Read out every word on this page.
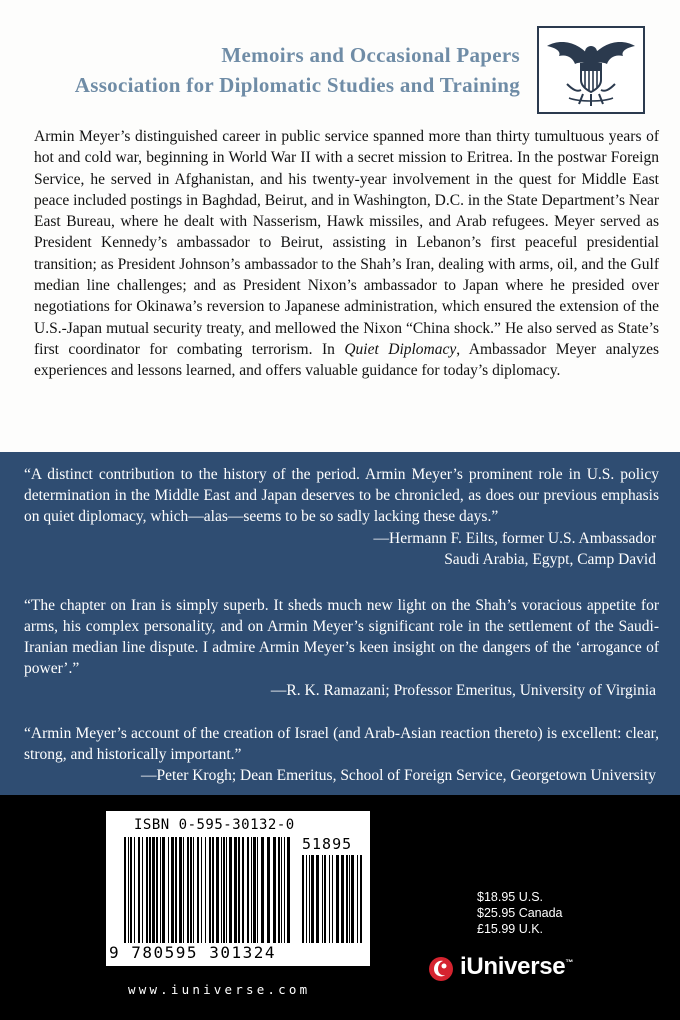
Memoirs and Occasional Papers
Association for Diplomatic Studies and Training

Armin Meyer’s distinguished career in public service spanned more than thirty tumultuous years of hot and cold war, beginning in World War II with a secret mission to Eritrea. In the postwar Foreign Service, he served in Afghanistan, and his twenty-year involvement in the quest for Middle East peace included postings in Baghdad, Beirut, and in Washington, D.C. in the State Department’s Near East Bureau, where he dealt with Nasserism, Hawk missiles, and Arab refugees. Meyer served as President Kennedy’s ambassador to Beirut, assisting in Lebanon’s first peaceful presidential transition; as President Johnson’s ambassador to the Shah’s Iran, dealing with arms, oil, and the Gulf median line challenges; and as President Nixon’s ambassador to Japan where he presided over negotiations for Okinawa’s reversion to Japanese administration, which ensured the extension of the U.S.-Japan mutual security treaty, and mellowed the Nixon “China shock.” He also served as State’s first coordinator for combating terrorism. In Quiet Diplomacy, Ambassador Meyer analyzes experiences and lessons learned, and offers valuable guidance for today’s diplomacy.

“A distinct contribution to the history of the period. Armin Meyer’s prominent role in U.S. policy determination in the Middle East and Japan deserves to be chronicled, as does our previous emphasis on quiet diplomacy, which—alas—seems to be so sadly lacking these days.”

—Hermann F. Eilts, former U.S. Ambassador
Saudi Arabia, Egypt, Camp David

“The chapter on Iran is simply superb. It sheds much new light on the Shah’s voracious appetite for arms, his complex personality, and on Armin Meyer’s significant role in the settlement of the Saudi-Iranian median line dispute. I admire Armin Meyer’s keen insight on the dangers of the ‘arrogance of power’.”

—R. K. Ramazani; Professor Emeritus, University of Virginia

“Armin Meyer’s account of the creation of Israel (and Arab-Asian reaction thereto) is excellent: clear, strong, and historically important.”

—Peter Krogh; Dean Emeritus, School of Foreign Service, Georgetown University
ISBN 0-595-30132-0
51895
9 780595 301324
$18.95 U.S.
$25.95 Canada
£15.99 U.K.
iUniverse™
www.iuniverse.com
